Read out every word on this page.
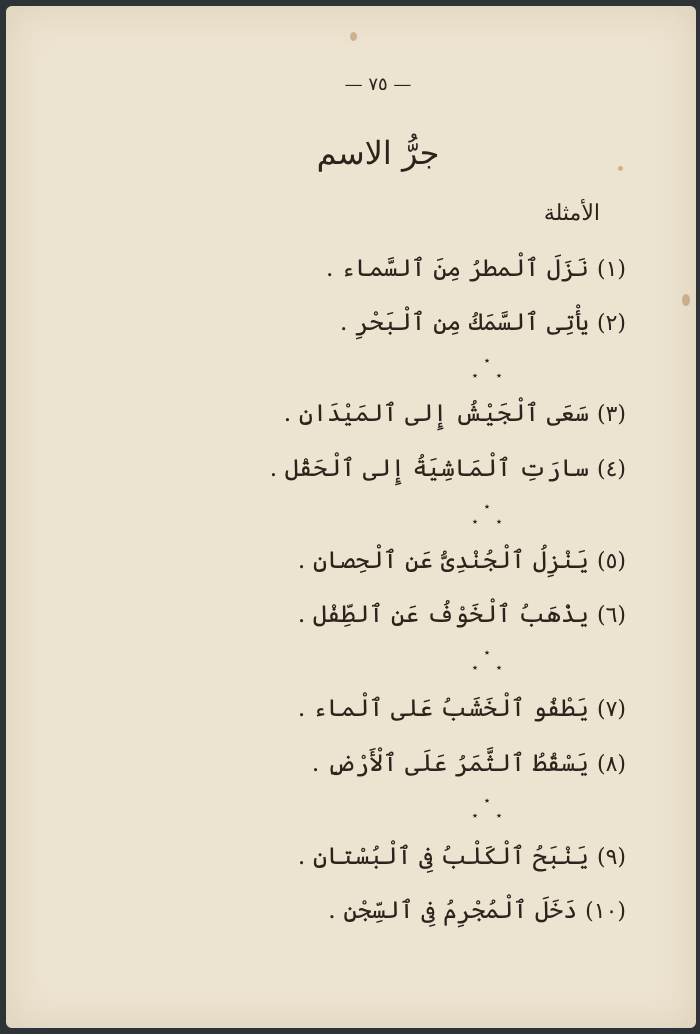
— ٧٥ —
جرُّ الاسم
الأمثلة
(١)
نَزَلَ ٱلْمطرُ مِنَ ٱلسَّماء .
(٢)
يأْتِى ٱلسَّمَكُ مِن ٱلْبَحْرِ .
٭
٭ ٭
(٣)
سَعَى ٱلْجَيْشُ إِلى ٱلمَيْدَانِ .
(٤)
سارَتِ ٱلْمَاشِيَةُ إِلى ٱلْحَقْل .
٭
٭ ٭
(٥)
يَنْزِلُ ٱلْجُنْدِىُّ عَنِ ٱلْحِصانِ .
(٦)
يذْهَبُ ٱلْخَوْفُ عَنِ ٱلطِّفْل .
٭
٭ ٭
(٧)
يَطْفُو ٱلْخَشَبُ عَلى ٱلْماء .
(٨)
يَسْقُطُ ٱلثَّمَرُ عَلَى ٱلْأَرْضِ .
٭
٭ ٭
(٩)
يَنْبَحُ ٱلْكَلْبُ فِى ٱلْبُسْتانِ .
(١٠)
دَخَلَ ٱلْمُجْرِمُ فِى ٱلسِّجْنِ .
